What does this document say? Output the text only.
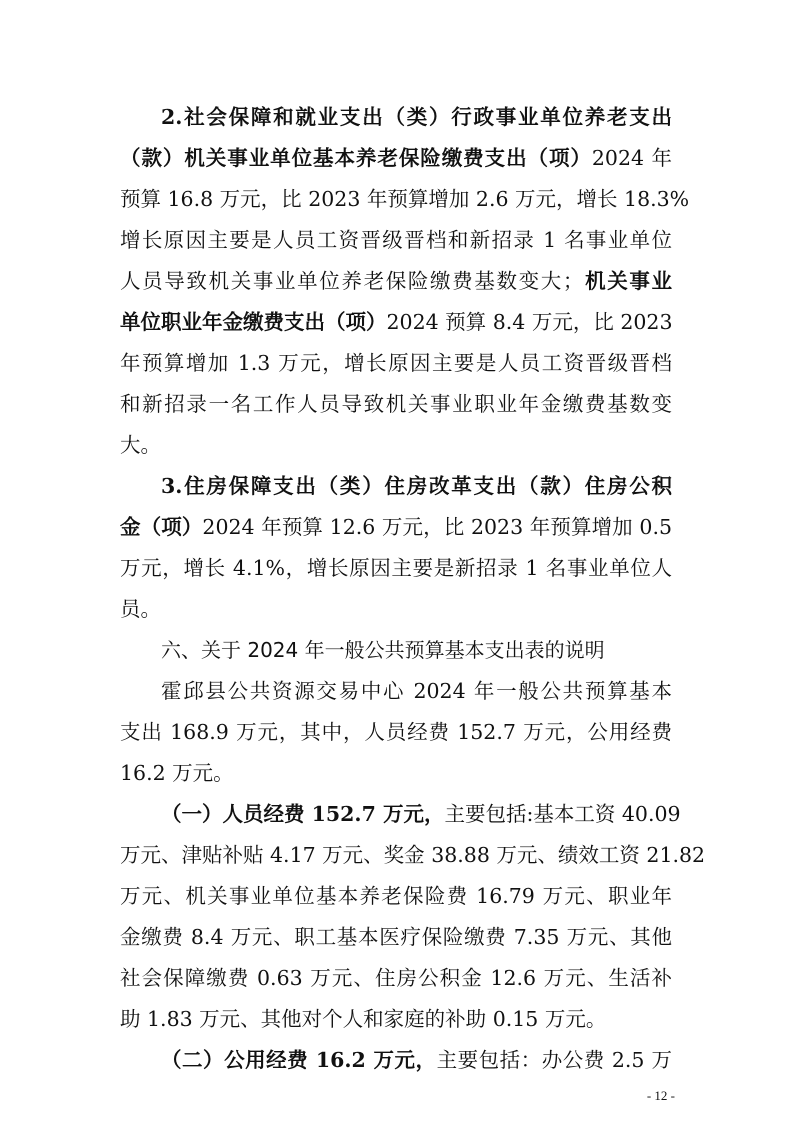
2.社会保障和就业支出（类）行政事业单位养老支出
（款）机关事业单位基本养老保险缴费支出（项）2024 年
预算 16.8 万元，比 2023 年预算增加 2.6 万元，增长 18.3%
增长原因主要是人员工资晋级晋档和新招录 1 名事业单位
人员导致机关事业单位养老保险缴费基数变大；机关事业
单位职业年金缴费支出（项）2024 预算 8.4 万元，比 2023
年预算增加 1.3 万元，增长原因主要是人员工资晋级晋档
和新招录一名工作人员导致机关事业职业年金缴费基数变
大。
3.住房保障支出（类）住房改革支出（款）住房公积
金（项）2024 年预算 12.6 万元，比 2023 年预算增加 0.5
万元，增长 4.1%，增长原因主要是新招录 1 名事业单位人
员。
六、关于 2024 年一般公共预算基本支出表的说明
霍邱县公共资源交易中心 2024 年一般公共预算基本
支出 168.9 万元，其中，人员经费 152.7 万元，公用经费
16.2 万元。
（一）人员经费 152.7 万元，主要包括:基本工资 40.09
万元、津贴补贴 4.17 万元、奖金 38.88 万元、绩效工资 21.82
万元、机关事业单位基本养老保险费 16.79 万元、职业年
金缴费 8.4 万元、职工基本医疗保险缴费 7.35 万元、其他
社会保障缴费 0.63 万元、住房公积金 12.6 万元、生活补
助 1.83 万元、其他对个人和家庭的补助 0.15 万元。
（二）公用经费 16.2 万元，主要包括：办公费 2.5 万
- 12 -
